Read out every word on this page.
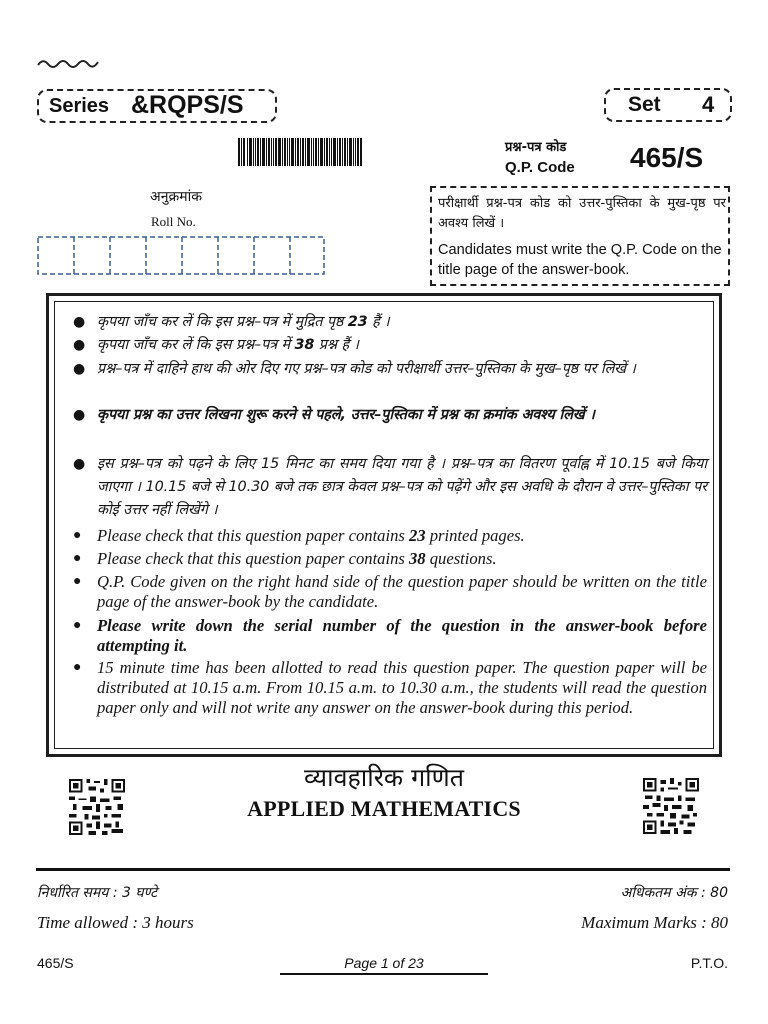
Series &RQPS/S	Set 4
प्रश्न-पत्र कोड
Q.P. Code 465/S
अनुक्रमांक
Roll No.
परीक्षार्थी प्रश्न-पत्र कोड को उत्तर-पुस्तिका के मुख-पृष्ठ पर अवश्य लिखें ।
Candidates must write the Q.P. Code on the title page of the answer-book.
● कृपया जाँच कर लें कि इस प्रश्न–पत्र में मुद्रित पृष्ठ 23 हैं ।
● कृपया जाँच कर लें कि इस प्रश्न–पत्र में 38 प्रश्न हैं ।
● प्रश्न–पत्र में दाहिने हाथ की ओर दिए गए प्रश्न–पत्र कोड को परीक्षार्थी उत्तर–पुस्तिका के मुख–पृष्ठ पर लिखें ।
● कृपया प्रश्न का उत्तर लिखना शुरू करने से पहले, उत्तर–पुस्तिका में प्रश्न का क्रमांक अवश्य लिखें ।
● इस प्रश्न–पत्र को पढ़ने के लिए 15 मिनट का समय दिया गया है । प्रश्न–पत्र का वितरण पूर्वाह्न में 10.15 बजे किया जाएगा । 10.15 बजे से 10.30 बजे तक छात्र केवल प्रश्न–पत्र को पढ़ेंगे और इस अवधि के दौरान वे उत्तर–पुस्तिका पर कोई उत्तर नहीं लिखेंगे ।
● Please check that this question paper contains 23 printed pages.
● Please check that this question paper contains 38 questions.
● Q.P. Code given on the right hand side of the question paper should be written on the title page of the answer-book by the candidate.
● Please write down the serial number of the question in the answer-book before attempting it.
● 15 minute time has been allotted to read this question paper. The question paper will be distributed at 10.15 a.m. From 10.15 a.m. to 10.30 a.m., the students will read the question paper only and will not write any answer on the answer-book during this period.
व्यावहारिक गणित
APPLIED MATHEMATICS
निर्धारित समय : 3 घण्टे	अधिकतम अंक : 80
Time allowed : 3 hours	Maximum Marks : 80
465/S	Page 1 of 23	P.T.O.
